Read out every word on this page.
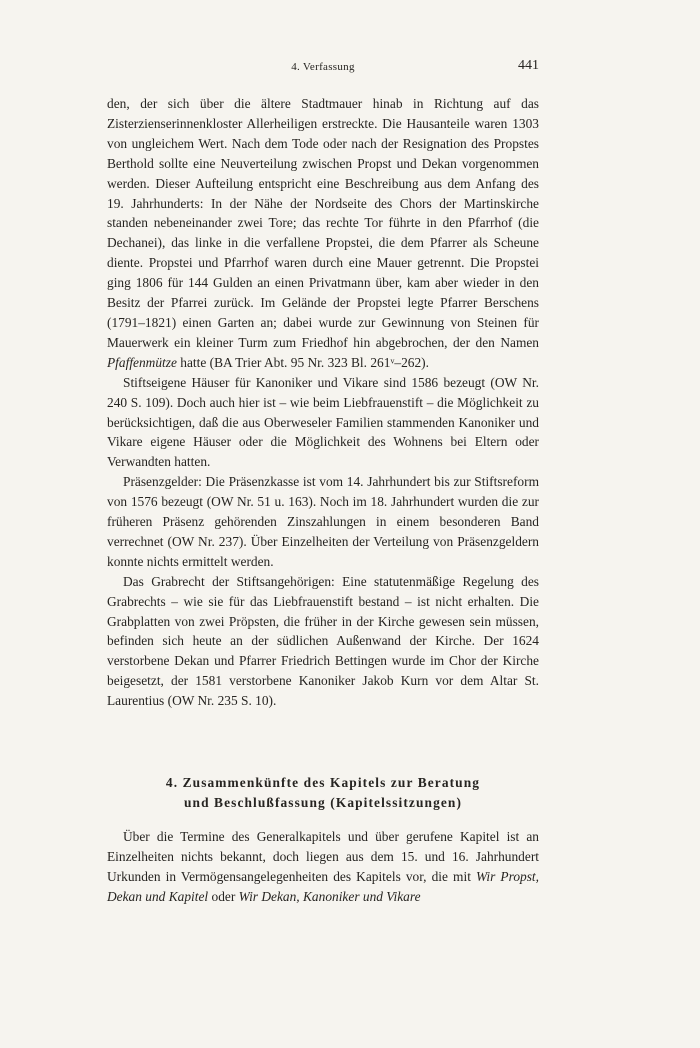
4. Verfassung	441

den, der sich über die ältere Stadtmauer hinab in Richtung auf das Zisterzienserinnenkloster Allerheiligen erstreckte. Die Hausanteile waren 1303 von ungleichem Wert. Nach dem Tode oder nach der Resignation des Propstes Berthold sollte eine Neuverteilung zwischen Propst und Dekan vorgenommen werden. Dieser Aufteilung entspricht eine Beschreibung aus dem Anfang des 19. Jahrhunderts: In der Nähe der Nordseite des Chors der Martinskirche standen nebeneinander zwei Tore; das rechte Tor führte in den Pfarrhof (die Dechanei), das linke in die verfallene Propstei, die dem Pfarrer als Scheune diente. Propstei und Pfarrhof waren durch eine Mauer getrennt. Die Propstei ging 1806 für 144 Gulden an einen Privatmann über, kam aber wieder in den Besitz der Pfarrei zurück. Im Gelände der Propstei legte Pfarrer Berschens (1791–1821) einen Garten an; dabei wurde zur Gewinnung von Steinen für Mauerwerk ein kleiner Turm zum Friedhof hin abgebrochen, der den Namen Pfaffenmütze hatte (BA Trier Abt. 95 Nr. 323 Bl. 261ᵛ–262).

Stiftseigene Häuser für Kanoniker und Vikare sind 1586 bezeugt (OW Nr. 240 S. 109). Doch auch hier ist – wie beim Liebfrauenstift – die Möglichkeit zu berücksichtigen, daß die aus Oberweseler Familien stammenden Kanoniker und Vikare eigene Häuser oder die Möglichkeit des Wohnens bei Eltern oder Verwandten hatten.

Präsenzgelder: Die Präsenzkasse ist vom 14. Jahrhundert bis zur Stiftsreform von 1576 bezeugt (OW Nr. 51 u. 163). Noch im 18. Jahrhundert wurden die zur früheren Präsenz gehörenden Zinszahlungen in einem besonderen Band verrechnet (OW Nr. 237). Über Einzelheiten der Verteilung von Präsenzgeldern konnte nichts ermittelt werden.

Das Grabrecht der Stiftsangehörigen: Eine statutenmäßige Regelung des Grabrechts – wie sie für das Liebfrauenstift bestand – ist nicht erhalten. Die Grabplatten von zwei Pröpsten, die früher in der Kirche gewesen sein müssen, befinden sich heute an der südlichen Außenwand der Kirche. Der 1624 verstorbene Dekan und Pfarrer Friedrich Bettingen wurde im Chor der Kirche beigesetzt, der 1581 verstorbene Kanoniker Jakob Kurn vor dem Altar St. Laurentius (OW Nr. 235 S. 10).

4. Zusammenkünfte des Kapitels zur Beratung
und Beschlußfassung (Kapitelssitzungen)

Über die Termine des Generalkapitels und über gerufene Kapitel ist an Einzelheiten nichts bekannt, doch liegen aus dem 15. und 16. Jahrhundert Urkunden in Vermögensangelegenheiten des Kapitels vor, die mit Wir Propst, Dekan und Kapitel oder Wir Dekan, Kanoniker und Vikare
